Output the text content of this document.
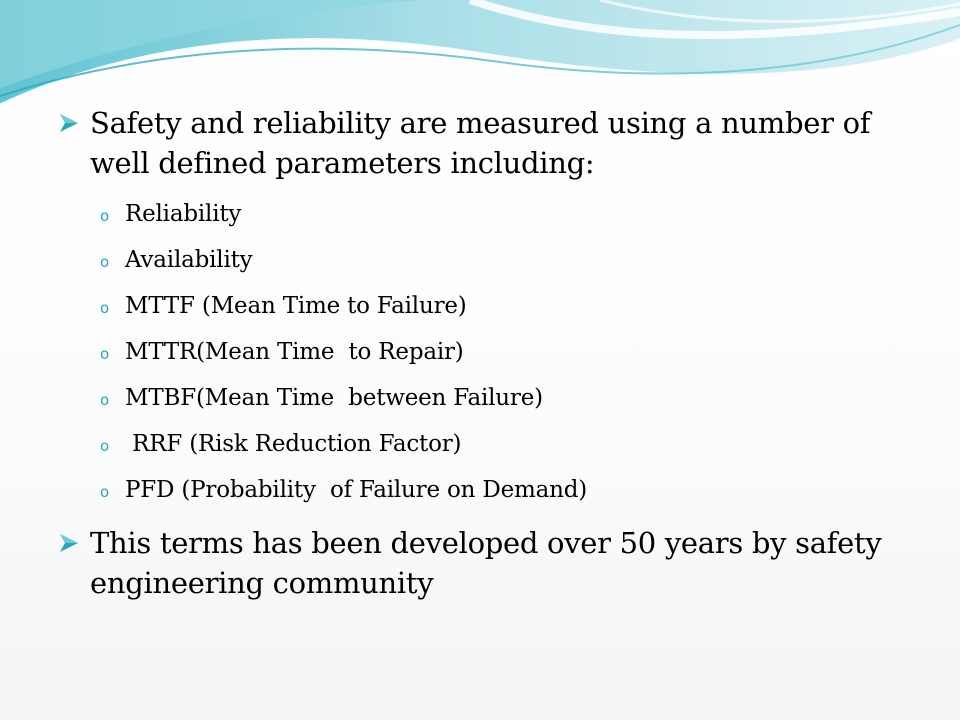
Safety and reliability are measured using a number of well defined parameters including:
o Reliability
o Availability
o MTTF (Mean Time to Failure)
o MTTR(Mean Time  to Repair)
o MTBF(Mean Time  between Failure)
o RRF (Risk Reduction Factor)
o PFD (Probability  of Failure on Demand)
This terms has been developed over 50 years by safety engineering community
